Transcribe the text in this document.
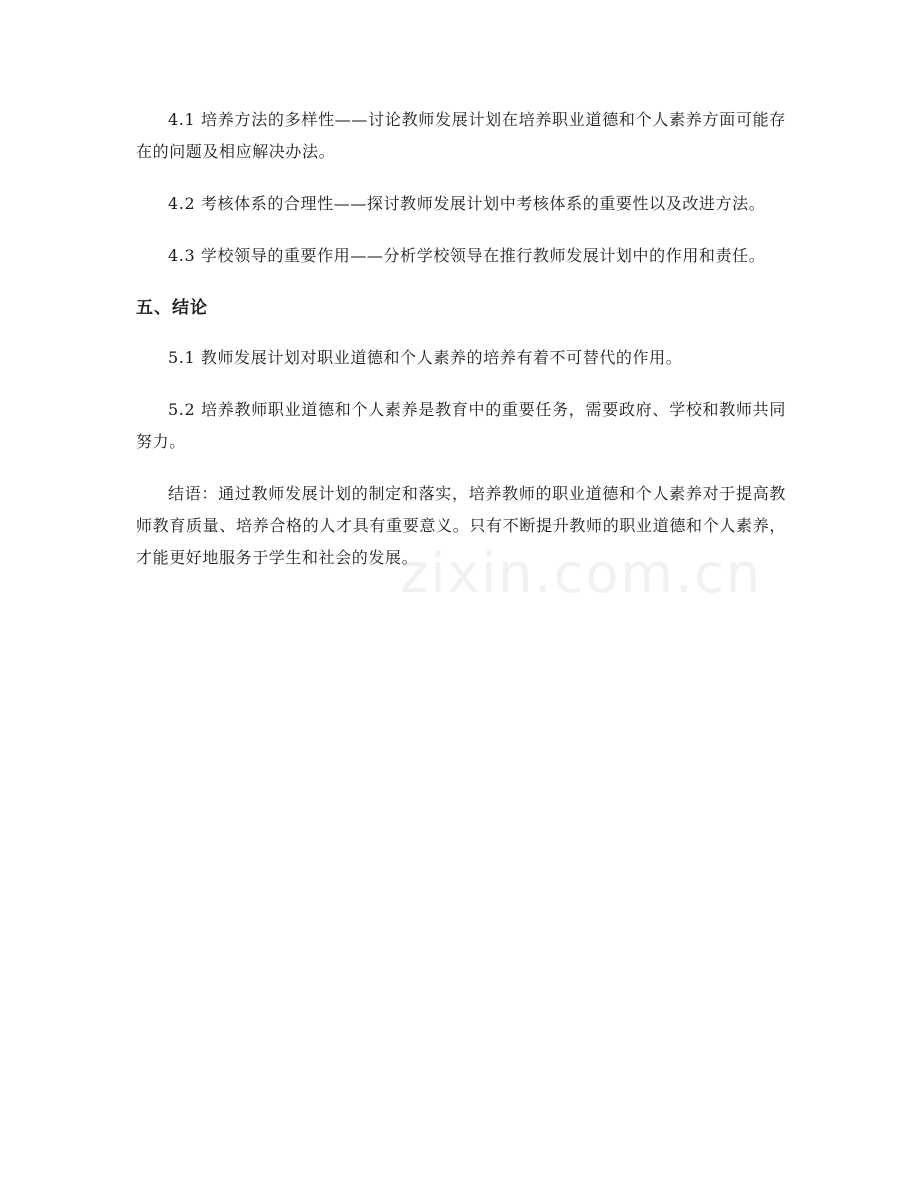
4.1 培养方法的多样性——讨论教师发展计划在培养职业道德和个人素养方面可能存在的问题及相应解决办法。

4.2 考核体系的合理性——探讨教师发展计划中考核体系的重要性以及改进方法。

4.3 学校领导的重要作用——分析学校领导在推行教师发展计划中的作用和责任。

五、结论

5.1 教师发展计划对职业道德和个人素养的培养有着不可替代的作用。

5.2 培养教师职业道德和个人素养是教育中的重要任务，需要政府、学校和教师共同努力。

结语：通过教师发展计划的制定和落实，培养教师的职业道德和个人素养对于提高教师教育质量、培养合格的人才具有重要意义。只有不断提升教师的职业道德和个人素养，才能更好地服务于学生和社会的发展。

zixin.com.cn
